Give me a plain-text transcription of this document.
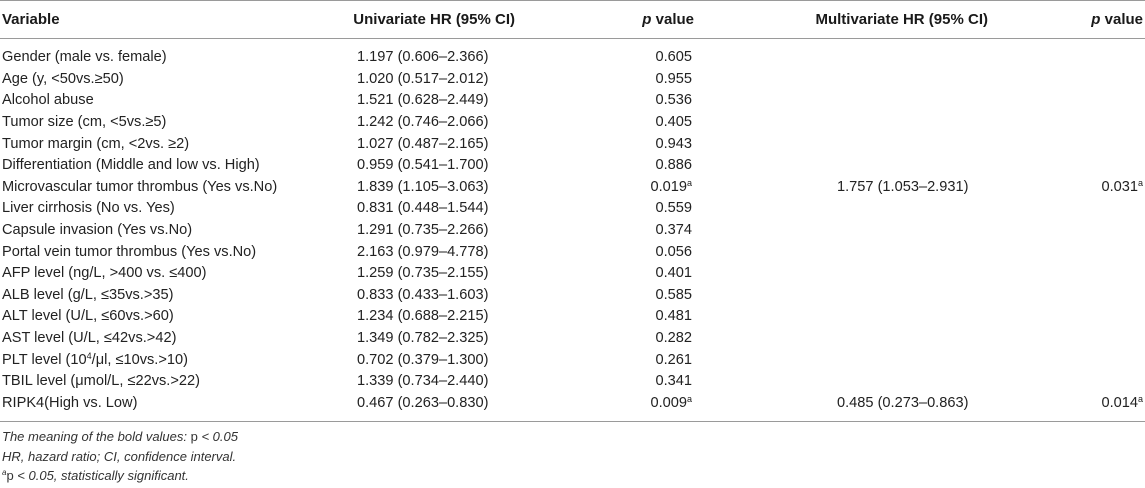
Variable	Univariate HR (95% CI)	p value	Multivariate HR (95% CI)	p value

Gender (male vs. female)	1.197 (0.606–2.366)	0.605		
Age (y, <50vs.≥50)	1.020 (0.517–2.012)	0.955		
Alcohol abuse	1.521 (0.628–2.449)	0.536		
Tumor size (cm, <5vs.≥5)	1.242 (0.746–2.066)	0.405		
Tumor margin (cm, <2vs. ≥2)	1.027 (0.487–2.165)	0.943		
Differentiation (Middle and low vs. High)	0.959 (0.541–1.700)	0.886		
Microvascular tumor thrombus (Yes vs.No)	1.839 (1.105–3.063)	0.019$^a$	1.757 (1.053–2.931)	0.031$^a$
Liver cirrhosis (No vs. Yes)	0.831 (0.448–1.544)	0.559		
Capsule invasion (Yes vs.No)	1.291 (0.735–2.266)	0.374		
Portal vein tumor thrombus (Yes vs.No)	2.163 (0.979–4.778)	0.056		
AFP level (ng/L, >400 vs. ≤400)	1.259 (0.735–2.155)	0.401		
ALB level (g/L, ≤35vs.>35)	0.833 (0.433–1.603)	0.585		
ALT level (U/L, ≤60vs.>60)	1.234 (0.688–2.215)	0.481		
AST level (U/L, ≤42vs.>42)	1.349 (0.782–2.325)	0.282		
PLT level ($10^4/\mu l$, ≤10vs.>10)	0.702 (0.379–1.300)	0.261		
TBIL level (μmol/L, ≤22vs.>22)	1.339 (0.734–2.440)	0.341		
RIPK4(High vs. Low)	0.467 (0.263–0.830)	0.009$^a$	0.485 (0.273–0.863)	0.014$^a$
The meaning of the bold values: p < 0.05
HR, hazard ratio; CI, confidence interval.
$^a$p < 0.05, statistically significant.
